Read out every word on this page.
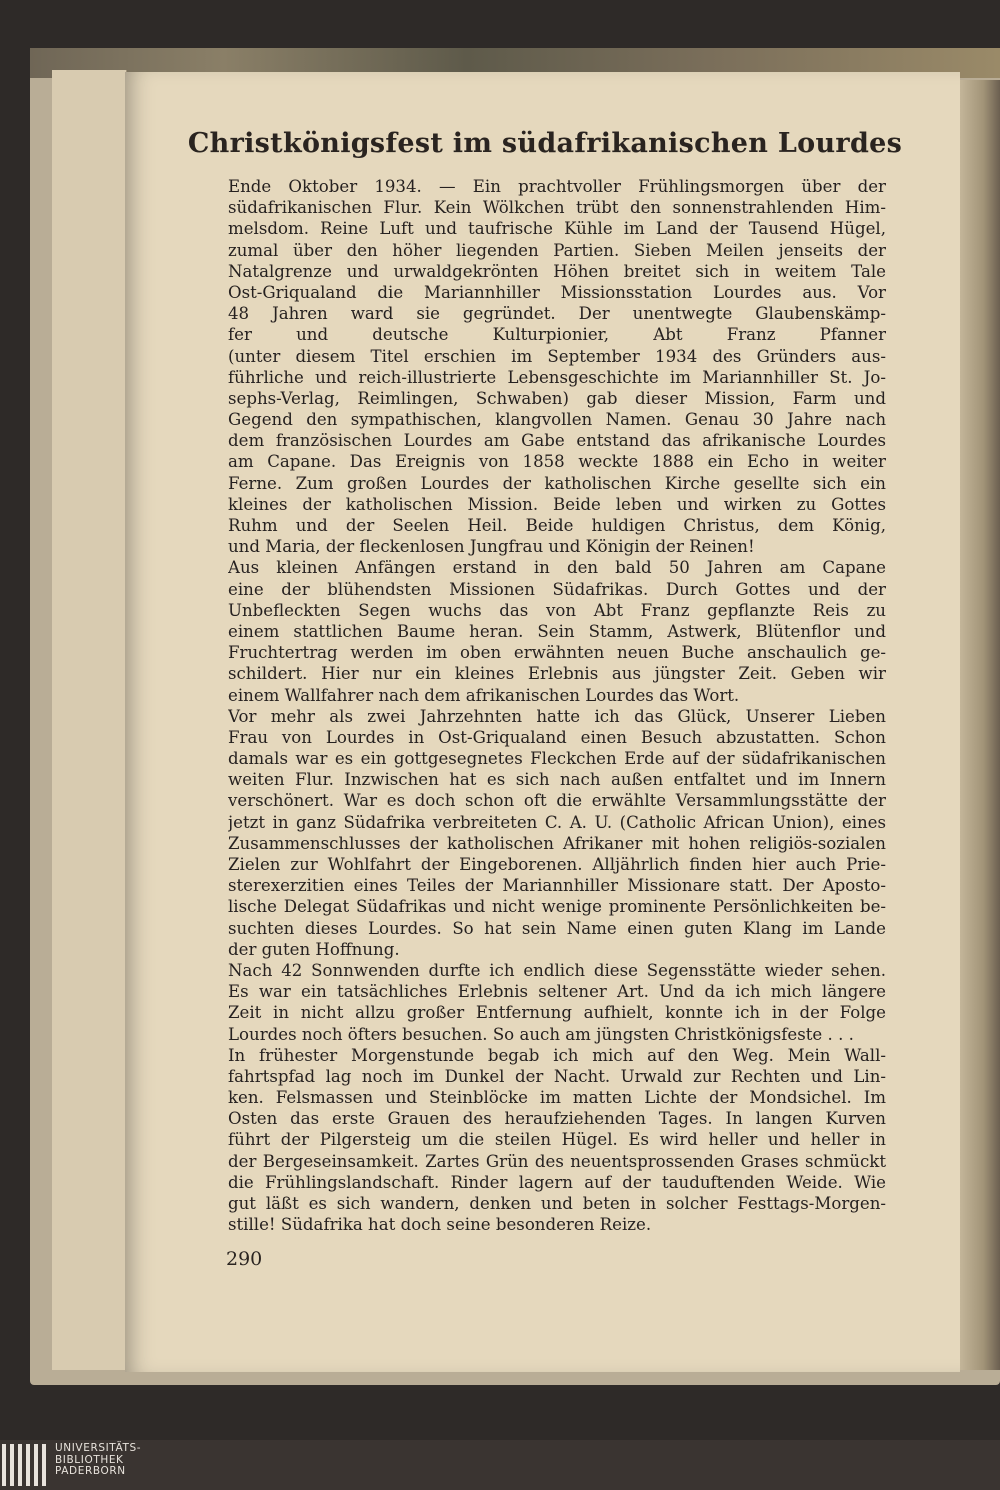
Christkönigsfest im südafrikanischen Lourdes
Ende Oktober 1934. — Ein prachtvoller Frühlingsmorgen über der
südafrikanischen Flur. Kein Wölkchen trübt den sonnenstrahlenden Him-
melsdom. Reine Luft und taufrische Kühle im Land der Tausend Hügel,
zumal über den höher liegenden Partien. Sieben Meilen jenseits der
Natalgrenze und urwaldgekrönten Höhen breitet sich in weitem Tale
Ost-Griqualand die Mariannhiller Missionsstation Lourdes aus. Vor
48 Jahren ward sie gegründet. Der unentwegte Glaubenskämp-
fer und deutsche Kulturpionier, Abt Franz Pfanner
(unter diesem Titel erschien im September 1934 des Gründers aus-
führliche und reich-illustrierte Lebensgeschichte im Mariannhiller St. Jo-
sephs-Verlag, Reimlingen, Schwaben) gab dieser Mission, Farm und
Gegend den sympathischen, klangvollen Namen. Genau 30 Jahre nach
dem französischen Lourdes am Gabe entstand das afrikanische Lourdes
am Capane. Das Ereignis von 1858 weckte 1888 ein Echo in weiter
Ferne. Zum großen Lourdes der katholischen Kirche gesellte sich ein
kleines der katholischen Mission. Beide leben und wirken zu Gottes
Ruhm und der Seelen Heil. Beide huldigen Christus, dem König,
und Maria, der fleckenlosen Jungfrau und Königin der Reinen!
Aus kleinen Anfängen erstand in den bald 50 Jahren am Capane
eine der blühendsten Missionen Südafrikas. Durch Gottes und der
Unbefleckten Segen wuchs das von Abt Franz gepflanzte Reis zu
einem stattlichen Baume heran. Sein Stamm, Astwerk, Blütenflor und
Fruchtertrag werden im oben erwähnten neuen Buche anschaulich ge-
schildert. Hier nur ein kleines Erlebnis aus jüngster Zeit. Geben wir
einem Wallfahrer nach dem afrikanischen Lourdes das Wort.
Vor mehr als zwei Jahrzehnten hatte ich das Glück, Unserer Lieben
Frau von Lourdes in Ost-Griqualand einen Besuch abzustatten. Schon
damals war es ein gottgesegnetes Fleckchen Erde auf der südafrikanischen
weiten Flur. Inzwischen hat es sich nach außen entfaltet und im Innern
verschönert. War es doch schon oft die erwählte Versammlungsstätte der
jetzt in ganz Südafrika verbreiteten C. A. U. (Catholic African Union), eines
Zusammenschlusses der katholischen Afrikaner mit hohen religiös-sozialen
Zielen zur Wohlfahrt der Eingeborenen. Alljährlich finden hier auch Prie-
sterexerzitien eines Teiles der Mariannhiller Missionare statt. Der Aposto-
lische Delegat Südafrikas und nicht wenige prominente Persönlichkeiten be-
suchten dieses Lourdes. So hat sein Name einen guten Klang im Lande
der guten Hoffnung.
Nach 42 Sonnwenden durfte ich endlich diese Segensstätte wieder sehen.
Es war ein tatsächliches Erlebnis seltener Art. Und da ich mich längere
Zeit in nicht allzu großer Entfernung aufhielt, konnte ich in der Folge
Lourdes noch öfters besuchen. So auch am jüngsten Christkönigsfeste . . .
In frühester Morgenstunde begab ich mich auf den Weg. Mein Wall-
fahrtspfad lag noch im Dunkel der Nacht. Urwald zur Rechten und Lin-
ken. Felsmassen und Steinblöcke im matten Lichte der Mondsichel. Im
Osten das erste Grauen des heraufziehenden Tages. In langen Kurven
führt der Pilgersteig um die steilen Hügel. Es wird heller und heller in
der Bergeseinsamkeit. Zartes Grün des neuentsprossenden Grases schmückt
die Frühlingslandschaft. Rinder lagern auf der tauduftenden Weide. Wie
gut läßt es sich wandern, denken und beten in solcher Festtags-Morgen-
stille! Südafrika hat doch seine besonderen Reize.
290
UNIVERSITÄTS-
BIBLIOTHEK
PADERBORN
